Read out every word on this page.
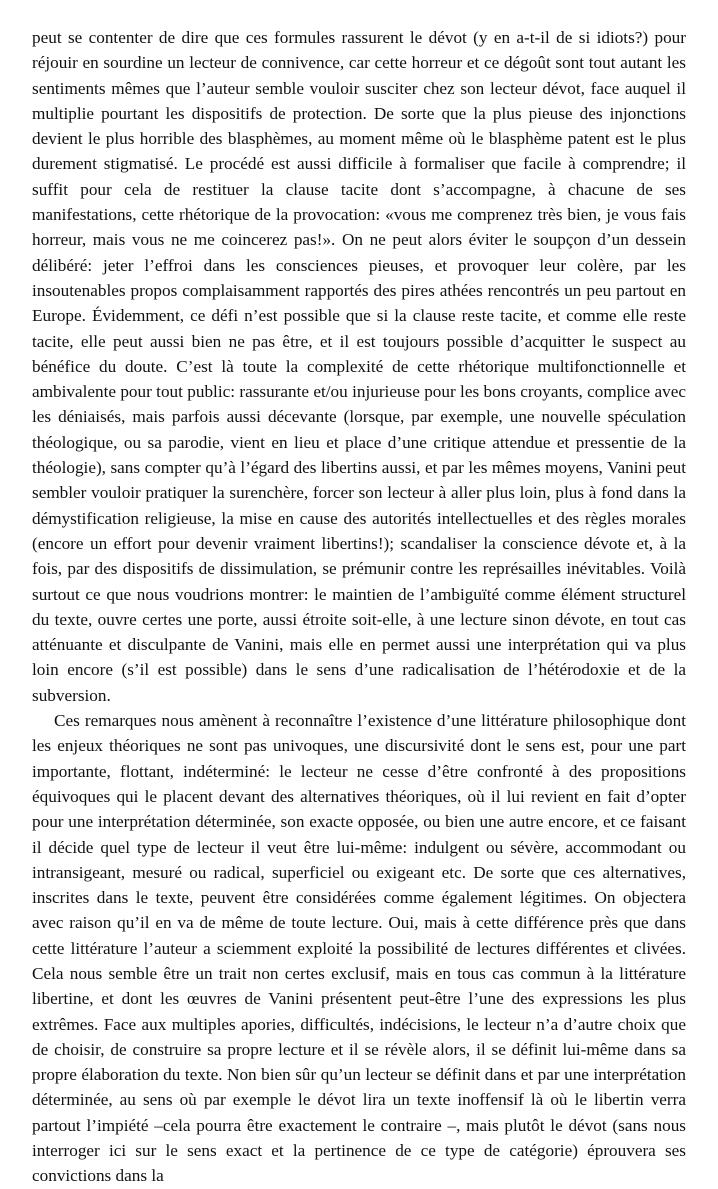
peut se contenter de dire que ces formules rassurent le dévot (y en a-t-il de si idiots?) pour réjouir en sourdine un lecteur de connivence, car cette horreur et ce dégoût sont tout autant les sentiments mêmes que l’auteur semble vouloir susciter chez son lecteur dévot, face auquel il multiplie pourtant les dispositifs de protection. De sorte que la plus pieuse des injonctions devient le plus horrible des blasphèmes, au moment même où le blasphème patent est le plus durement stigmatisé. Le procédé est aussi difficile à formaliser que facile à comprendre; il suffit pour cela de restituer la clause tacite dont s’accompagne, à chacune de ses manifestations, cette rhétorique de la provocation: «vous me comprenez très bien, je vous fais horreur, mais vous ne me coincerez pas!». On ne peut alors éviter le soupçon d’un dessein délibéré: jeter l’effroi dans les consciences pieuses, et provoquer leur colère, par les insoutenables propos complaisamment rapportés des pires athées rencontrés un peu partout en Europe. Évidemment, ce défi n’est possible que si la clause reste tacite, et comme elle reste tacite, elle peut aussi bien ne pas être, et il est toujours possible d’acquitter le suspect au bénéfice du doute. C’est là toute la complexité de cette rhétorique multifonctionnelle et ambivalente pour tout public: rassurante et/ou injurieuse pour les bons croyants, complice avec les déniaisés, mais parfois aussi décevante (lorsque, par exemple, une nouvelle spéculation théologique, ou sa parodie, vient en lieu et place d’une critique attendue et pressentie de la théologie), sans compter qu’à l’égard des libertins aussi, et par les mêmes moyens, Vanini peut sembler vouloir pratiquer la surenchère, forcer son lecteur à aller plus loin, plus à fond dans la démystification religieuse, la mise en cause des autorités intellectuelles et des règles morales (encore un effort pour devenir vraiment libertins!); scandaliser la conscience dévote et, à la fois, par des dispositifs de dissimulation, se prémunir contre les représailles inévitables. Voilà surtout ce que nous voudrions montrer: le maintien de l’ambiguïté comme élément structurel du texte, ouvre certes une porte, aussi étroite soit-elle, à une lecture sinon dévote, en tout cas atténuante et disculpante de Vanini, mais elle en permet aussi une interprétation qui va plus loin encore (s’il est possible) dans le sens d’une radicalisation de l’hétérodoxie et de la subversion.

Ces remarques nous amènent à reconnaître l’existence d’une littérature philosophique dont les enjeux théoriques ne sont pas univoques, une discursivité dont le sens est, pour une part importante, flottant, indéterminé: le lecteur ne cesse d’être confronté à des propositions équivoques qui le placent devant des alternatives théoriques, où il lui revient en fait d’opter pour une interprétation déterminée, son exacte opposée, ou bien une autre encore, et ce faisant il décide quel type de lecteur il veut être lui-même: indulgent ou sévère, accommodant ou intransigeant, mesuré ou radical, superficiel ou exigeant etc. De sorte que ces alternatives, inscrites dans le texte, peuvent être considérées comme également légitimes. On objectera avec raison qu’il en va de même de toute lecture. Oui, mais à cette différence près que dans cette littérature l’auteur a sciemment exploité la possibilité de lectures différentes et clivées. Cela nous semble être un trait non certes exclusif, mais en tous cas commun à la littérature libertine, et dont les œuvres de Vanini présentent peut-être l’une des expressions les plus extrêmes. Face aux multiples apories, difficultés, indécisions, le lecteur n’a d’autre choix que de choisir, de construire sa propre lecture et il se révèle alors, il se définit lui-même dans sa propre élaboration du texte. Non bien sûr qu’un lecteur se définit dans et par une interprétation déterminée, au sens où par exemple le dévot lira un texte inoffensif là où le libertin verra partout l’impiété –cela pourra être exactement le contraire –, mais plutôt le dévot (sans nous interroger ici sur le sens exact et la pertinence de ce type de catégorie) éprouvera ses convictions dans la
